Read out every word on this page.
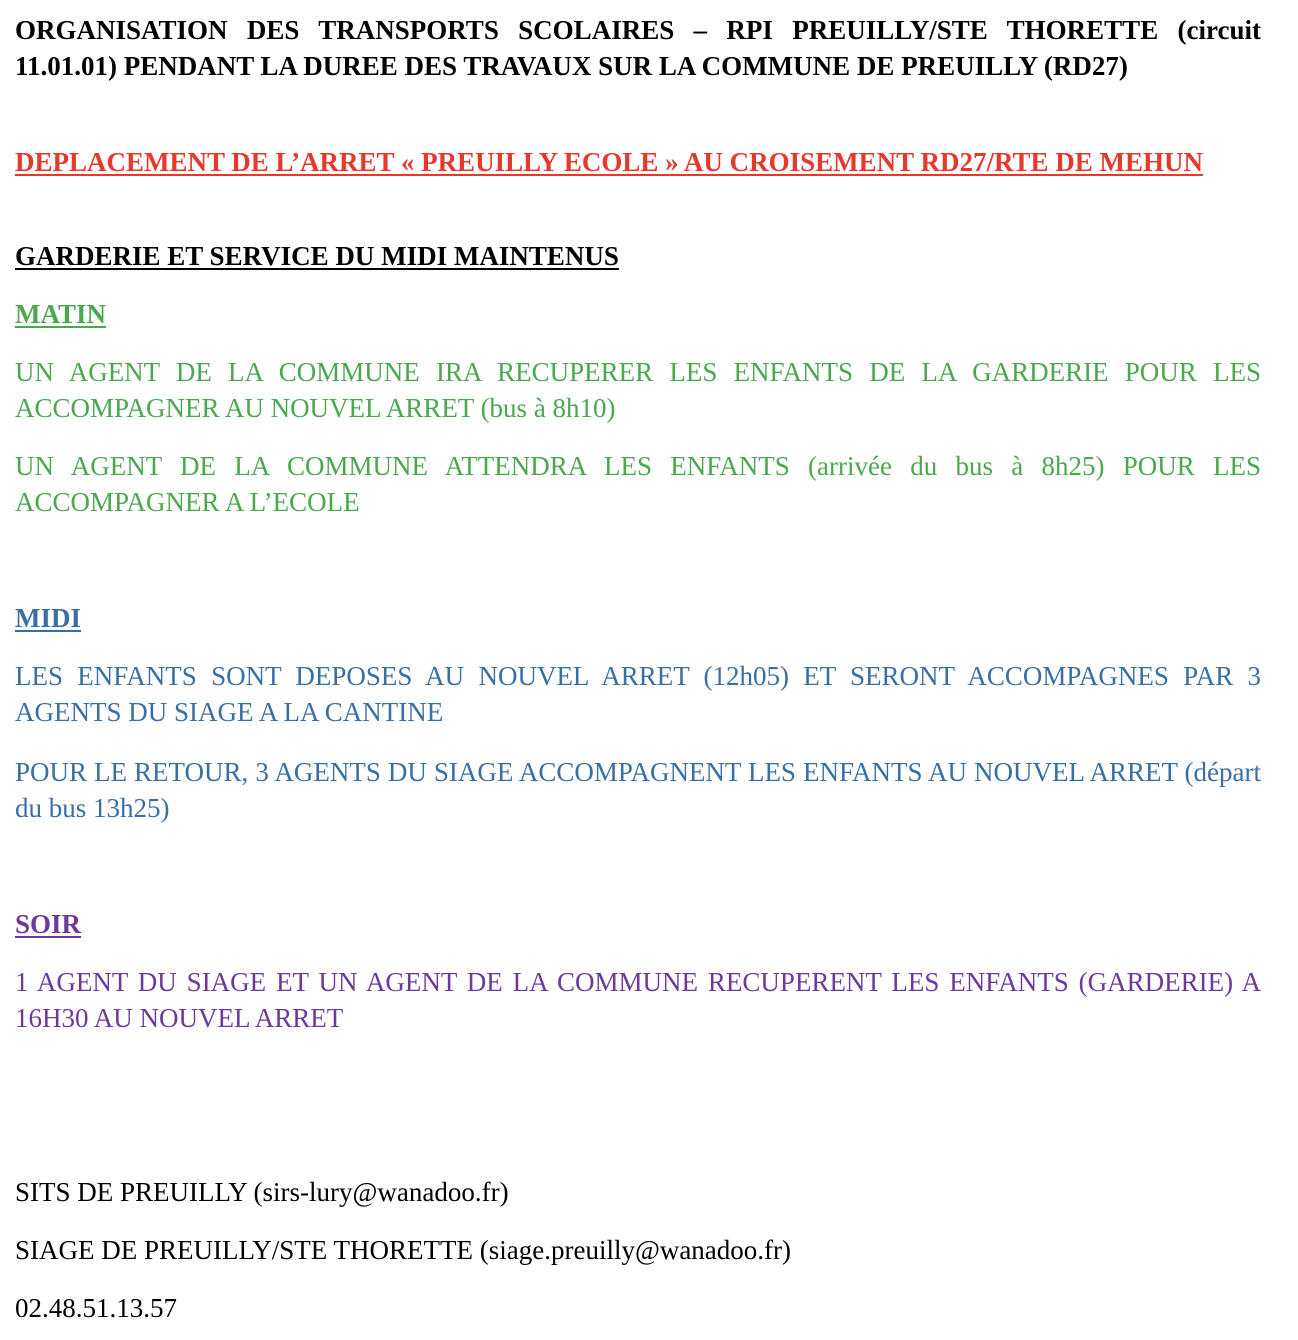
ORGANISATION DES TRANSPORTS SCOLAIRES – RPI PREUILLY/STE THORETTE (circuit 11.01.01) PENDANT LA DUREE DES TRAVAUX SUR LA COMMUNE DE PREUILLY (RD27)

DEPLACEMENT DE L’ARRET « PREUILLY ECOLE » AU CROISEMENT RD27/RTE DE MEHUN

GARDERIE ET SERVICE DU MIDI MAINTENUS

MATIN

UN AGENT DE LA COMMUNE IRA RECUPERER LES ENFANTS DE LA GARDERIE POUR LES ACCOMPAGNER AU NOUVEL ARRET (bus à 8h10)

UN AGENT DE LA COMMUNE ATTENDRA LES ENFANTS (arrivée du bus à 8h25) POUR LES ACCOMPAGNER A L’ECOLE

MIDI

LES ENFANTS SONT DEPOSES AU NOUVEL ARRET (12h05) ET SERONT ACCOMPAGNES PAR 3 AGENTS DU SIAGE A LA CANTINE

POUR LE RETOUR, 3 AGENTS DU SIAGE ACCOMPAGNENT LES ENFANTS AU NOUVEL ARRET (départ du bus 13h25)

SOIR

1 AGENT DU SIAGE ET UN AGENT DE LA COMMUNE RECUPERENT LES ENFANTS (GARDERIE) A 16H30 AU NOUVEL ARRET

SITS DE PREUILLY (sirs-lury@wanadoo.fr)

SIAGE DE PREUILLY/STE THORETTE (siage.preuilly@wanadoo.fr)

02.48.51.13.57
